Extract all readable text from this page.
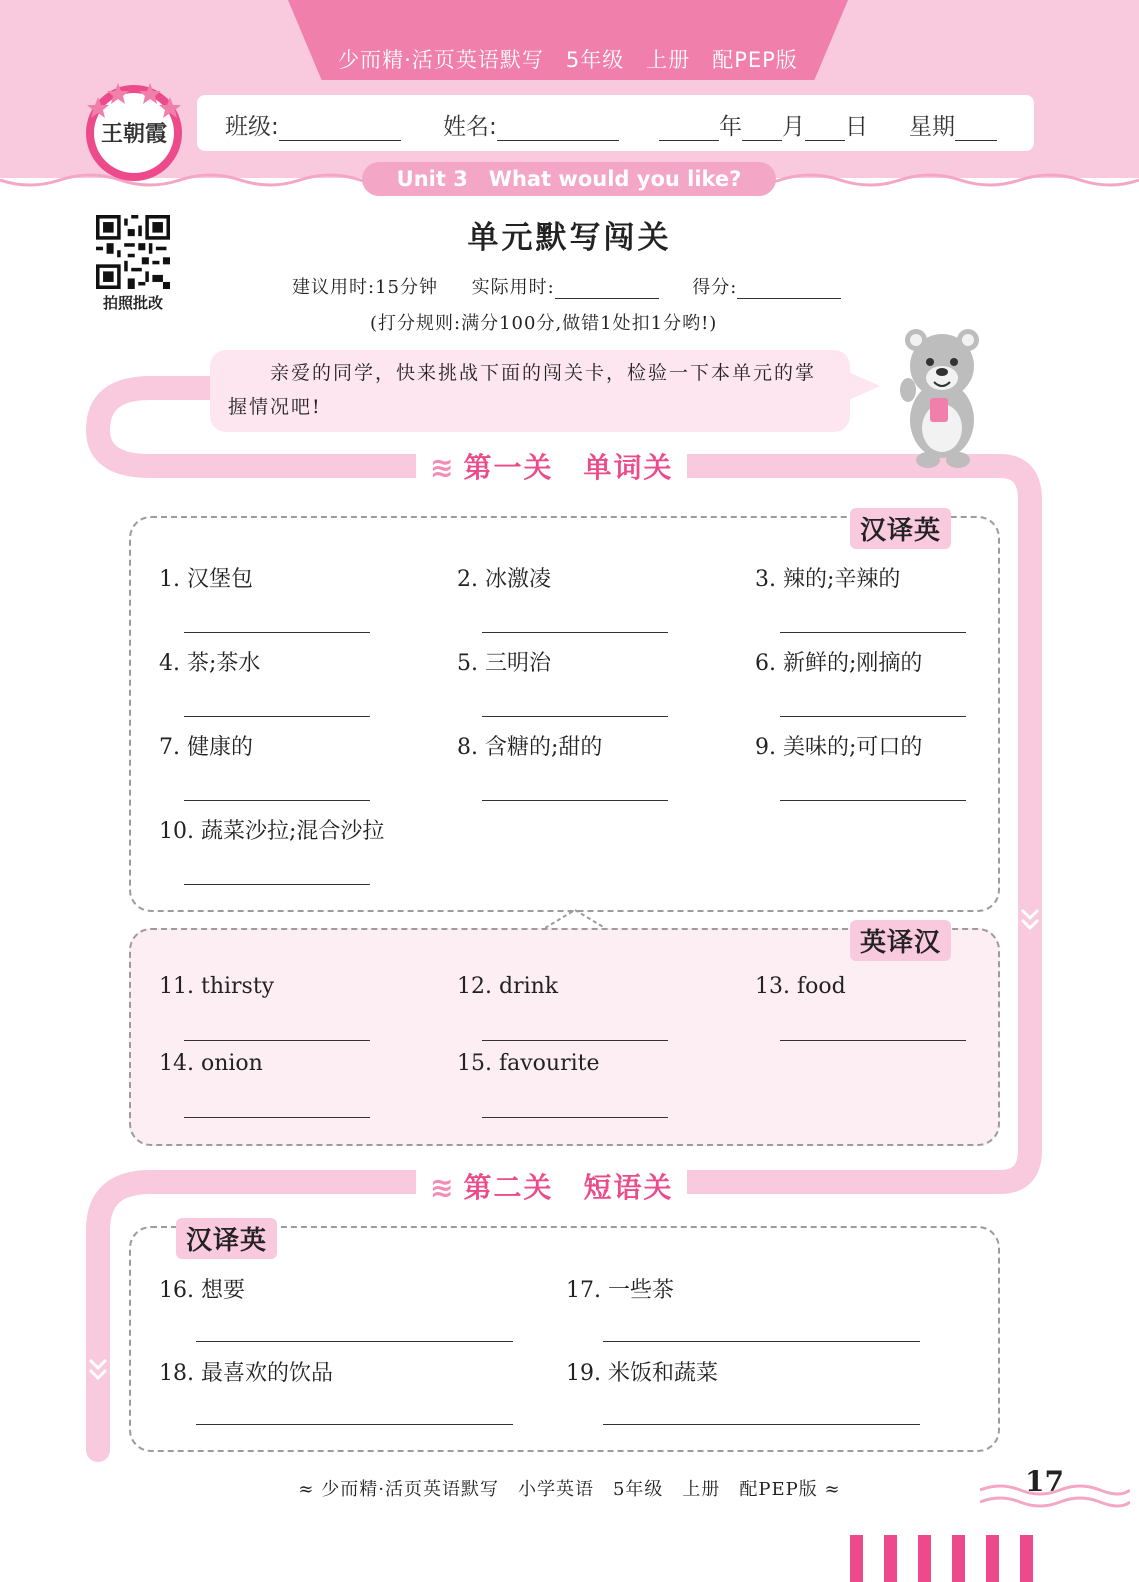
少而精·活页英语默写　5年级　上册　配PEP版
王朝霞	班级:	姓名:	年 月 日 星期
Unit 3　What would you like?
拍照批改
单元默写闯关
建议用时:15分钟 实际用时:	得分:
(打分规则:满分100分,做错1处扣1分哟!)
亲爱的同学，快来挑战下面的闯关卡，检验一下本单元的掌握情况吧!
≋ 第一关　单词关
汉译英
1. 汉堡包	2. 冰激凌	3. 辣的;辛辣的
4. 茶;茶水	5. 三明治	6. 新鲜的;刚摘的
7. 健康的	8. 含糖的;甜的	9. 美味的;可口的
10. 蔬菜沙拉;混合沙拉
英译汉
11. thirsty	12. drink	13. food
14. onion	15. favourite
≋ 第二关　短语关
汉译英
16. 想要	17. 一些茶
18. 最喜欢的饮品	19. 米饭和蔬菜
≈ 少而精·活页英语默写　小学英语　5年级　上册　配PEP版 ≈	17
